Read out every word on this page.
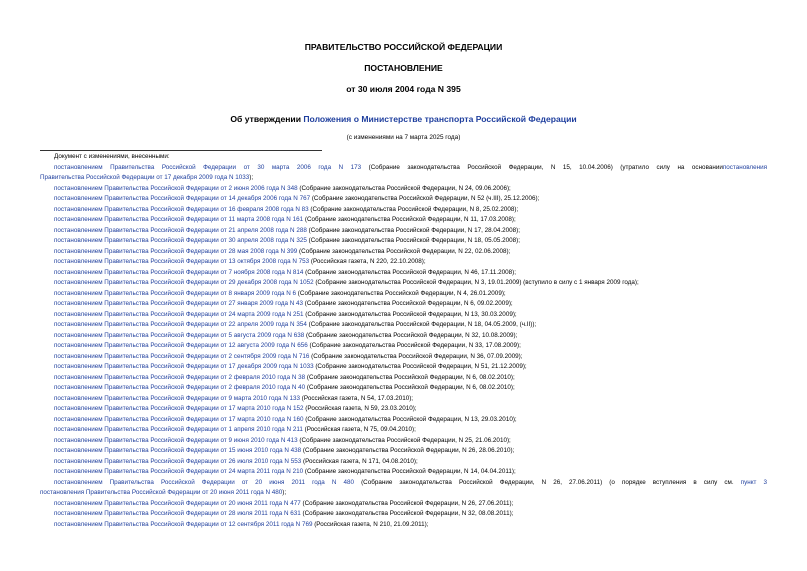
ПРАВИТЕЛЬСТВО РОССИЙСКОЙ ФЕДЕРАЦИИ
ПОСТАНОВЛЕНИЕ
от 30 июля 2004 года N 395
Об утверждении Положения о Министерстве транспорта Российской Федерации
(с изменениями на 7 марта 2025 года)
Документ с изменениями, внесенными:
постановлением Правительства Российской Федерации от 30 марта 2006 года N 173 (Собрание законодательства Российской Федерации, N 15, 10.04.2006) (утратило силу на основаниипостановления
Правительства Российской Федерации от 17 декабря 2009 года N 1033);
постановлением Правительства Российской Федерации от 2 июня 2006 года N 348 (Собрание законодательства Российской Федерации, N 24, 09.06.2006);
постановлением Правительства Российской Федерации от 14 декабря 2006 года N 767 (Собрание законодательства Российской Федерации, N 52 (ч.III), 25.12.2006);
постановлением Правительства Российской Федерации от 16 февраля 2008 года N 83 (Собрание законодательства Российской Федерации, N 8, 25.02.2008);
постановлением Правительства Российской Федерации от 11 марта 2008 года N 161 (Собрание законодательства Российской Федерации, N 11, 17.03.2008);
постановлением Правительства Российской Федерации от 21 апреля 2008 года N 288 (Собрание законодательства Российской Федерации, N 17, 28.04.2008);
постановлением Правительства Российской Федерации от 30 апреля 2008 года N 325 (Собрание законодательства Российской Федерации, N 18, 05.05.2008);
постановлением Правительства Российской Федерации от 28 мая 2008 года N 399 (Собрание законодательства Российской Федерации, N 22, 02.06.2008);
постановлением Правительства Российской Федерации от 13 октября 2008 года N 753 (Российская газета, N 220, 22.10.2008);
постановлением Правительства Российской Федерации от 7 ноября 2008 года N 814 (Собрание законодательства Российской Федерации, N 46, 17.11.2008);
постановлением Правительства Российской Федерации от 29 декабря 2008 года N 1052 (Собрание законодательства Российской Федерации, N 3, 19.01.2009) (вступило в силу с 1 января 2009 года);
постановлением Правительства Российской Федерации от 8 января 2009 года N 6 (Собрание законодательства Российской Федерации, N 4, 26.01.2009);
постановлением Правительства Российской Федерации от 27 января 2009 года N 43 (Собрание законодательства Российской Федерации, N 6, 09.02.2009);
постановлением Правительства Российской Федерации от 24 марта 2009 года N 251 (Собрание законодательства Российской Федерации, N 13, 30.03.2009);
постановлением Правительства Российской Федерации от 22 апреля 2009 года N 354 (Собрание законодательства Российской Федерации, N 18, 04.05.2009, (ч.II));
постановлением Правительства Российской Федерации от 5 августа 2009 года N 638 (Собрание законодательства Российской Федерации, N 32, 10.08.2009);
постановлением Правительства Российской Федерации от 12 августа 2009 года N 656 (Собрание законодательства Российской Федерации, N 33, 17.08.2009);
постановлением Правительства Российской Федерации от 2 сентября 2009 года N 716 (Собрание законодательства Российской Федерации, N 36, 07.09.2009);
постановлением Правительства Российской Федерации от 17 декабря 2009 года N 1033 (Собрание законодательства Российской Федерации, N 51, 21.12.2009);
постановлением Правительства Российской Федерации от 2 февраля 2010 года N 38 (Собрание законодательства Российской Федерации, N 6, 08.02.2010);
постановлением Правительства Российской Федерации от 2 февраля 2010 года N 40 (Собрание законодательства Российской Федерации, N 6, 08.02.2010);
постановлением Правительства Российской Федерации от 9 марта 2010 года N 133 (Российская газета, N 54, 17.03.2010);
постановлением Правительства Российской Федерации от 17 марта 2010 года N 152 (Российская газета, N 59, 23.03.2010);
постановлением Правительства Российской Федерации от 17 марта 2010 года N 160 (Собрание законодательства Российской Федерации, N 13, 29.03.2010);
постановлением Правительства Российской Федерации от 1 апреля 2010 года N 211 (Российская газета, N 75, 09.04.2010);
постановлением Правительства Российской Федерации от 9 июня 2010 года N 413 (Собрание законодательства Российской Федерации, N 25, 21.06.2010);
постановлением Правительства Российской Федерации от 15 июня 2010 года N 438 (Собрание законодательства Российской Федерации, N 26, 28.06.2010);
постановлением Правительства Российской Федерации от 26 июля 2010 года N 553 (Российская газета, N 171, 04.08.2010);
постановлением Правительства Российской Федерации от 24 марта 2011 года N 210 (Собрание законодательства Российской Федерации, N 14, 04.04.2011);
постановлением Правительства Российской Федерации от 20 июня 2011 года N 480 (Собрание законодательства Российской Федерации, N 26, 27.06.2011) (о порядке вступления в силу см. пункт 3
постановления Правительства Российской Федерации от 20 июня 2011 года N 480);
постановлением Правительства Российской Федерации от 20 июня 2011 года N 477 (Собрание законодательства Российской Федерации, N 26, 27.06.2011);
постановлением Правительства Российской Федерации от 28 июля 2011 года N 631 (Собрание законодательства Российской Федерации, N 32, 08.08.2011);
постановлением Правительства Российской Федерации от 12 сентября 2011 года N 769 (Российская газета, N 210, 21.09.2011);
